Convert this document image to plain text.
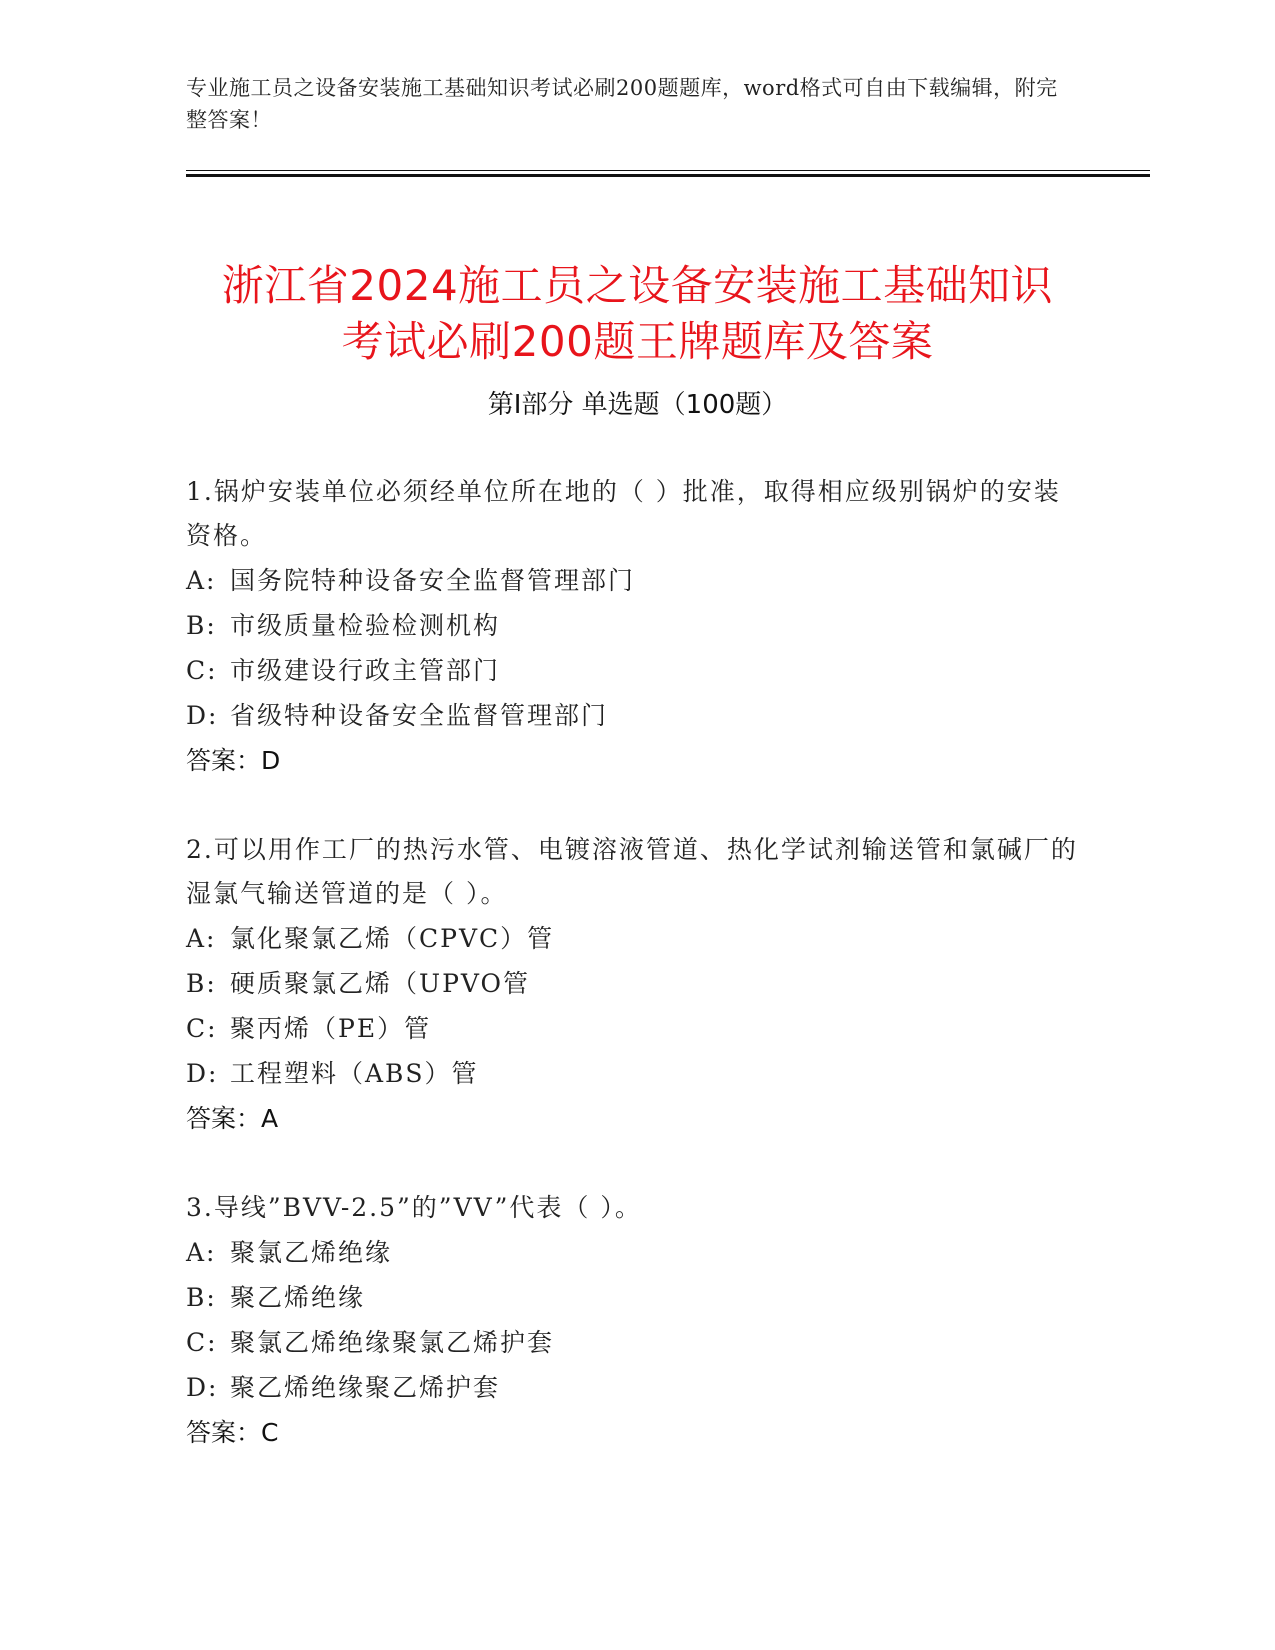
专业施工员之设备安装施工基础知识考试必刷200题题库，word格式可自由下载编辑，附完整答案！
浙江省2024施工员之设备安装施工基础知识
考试必刷200题王牌题库及答案
第I部分 单选题（100题）
1.锅炉安装单位必须经单位所在地的（ ）批准，取得相应级别锅炉的安装资格。
A: 国务院特种设备安全监督管理部门
B: 市级质量检验检测机构
C: 市级建设行政主管部门
D: 省级特种设备安全监督管理部门
答案：D
2.可以用作工厂的热污水管、电镀溶液管道、热化学试剂输送管和氯碱厂的湿氯气输送管道的是（ ）。
A: 氯化聚氯乙烯（CPVC）管
B: 硬质聚氯乙烯（UPVO管
C: 聚丙烯（PE）管
D: 工程塑料（ABS）管
答案：A
3.导线”BVV-2.5”的”VV”代表（ ）。
A: 聚氯乙烯绝缘
B: 聚乙烯绝缘
C: 聚氯乙烯绝缘聚氯乙烯护套
D: 聚乙烯绝缘聚乙烯护套
答案：C
